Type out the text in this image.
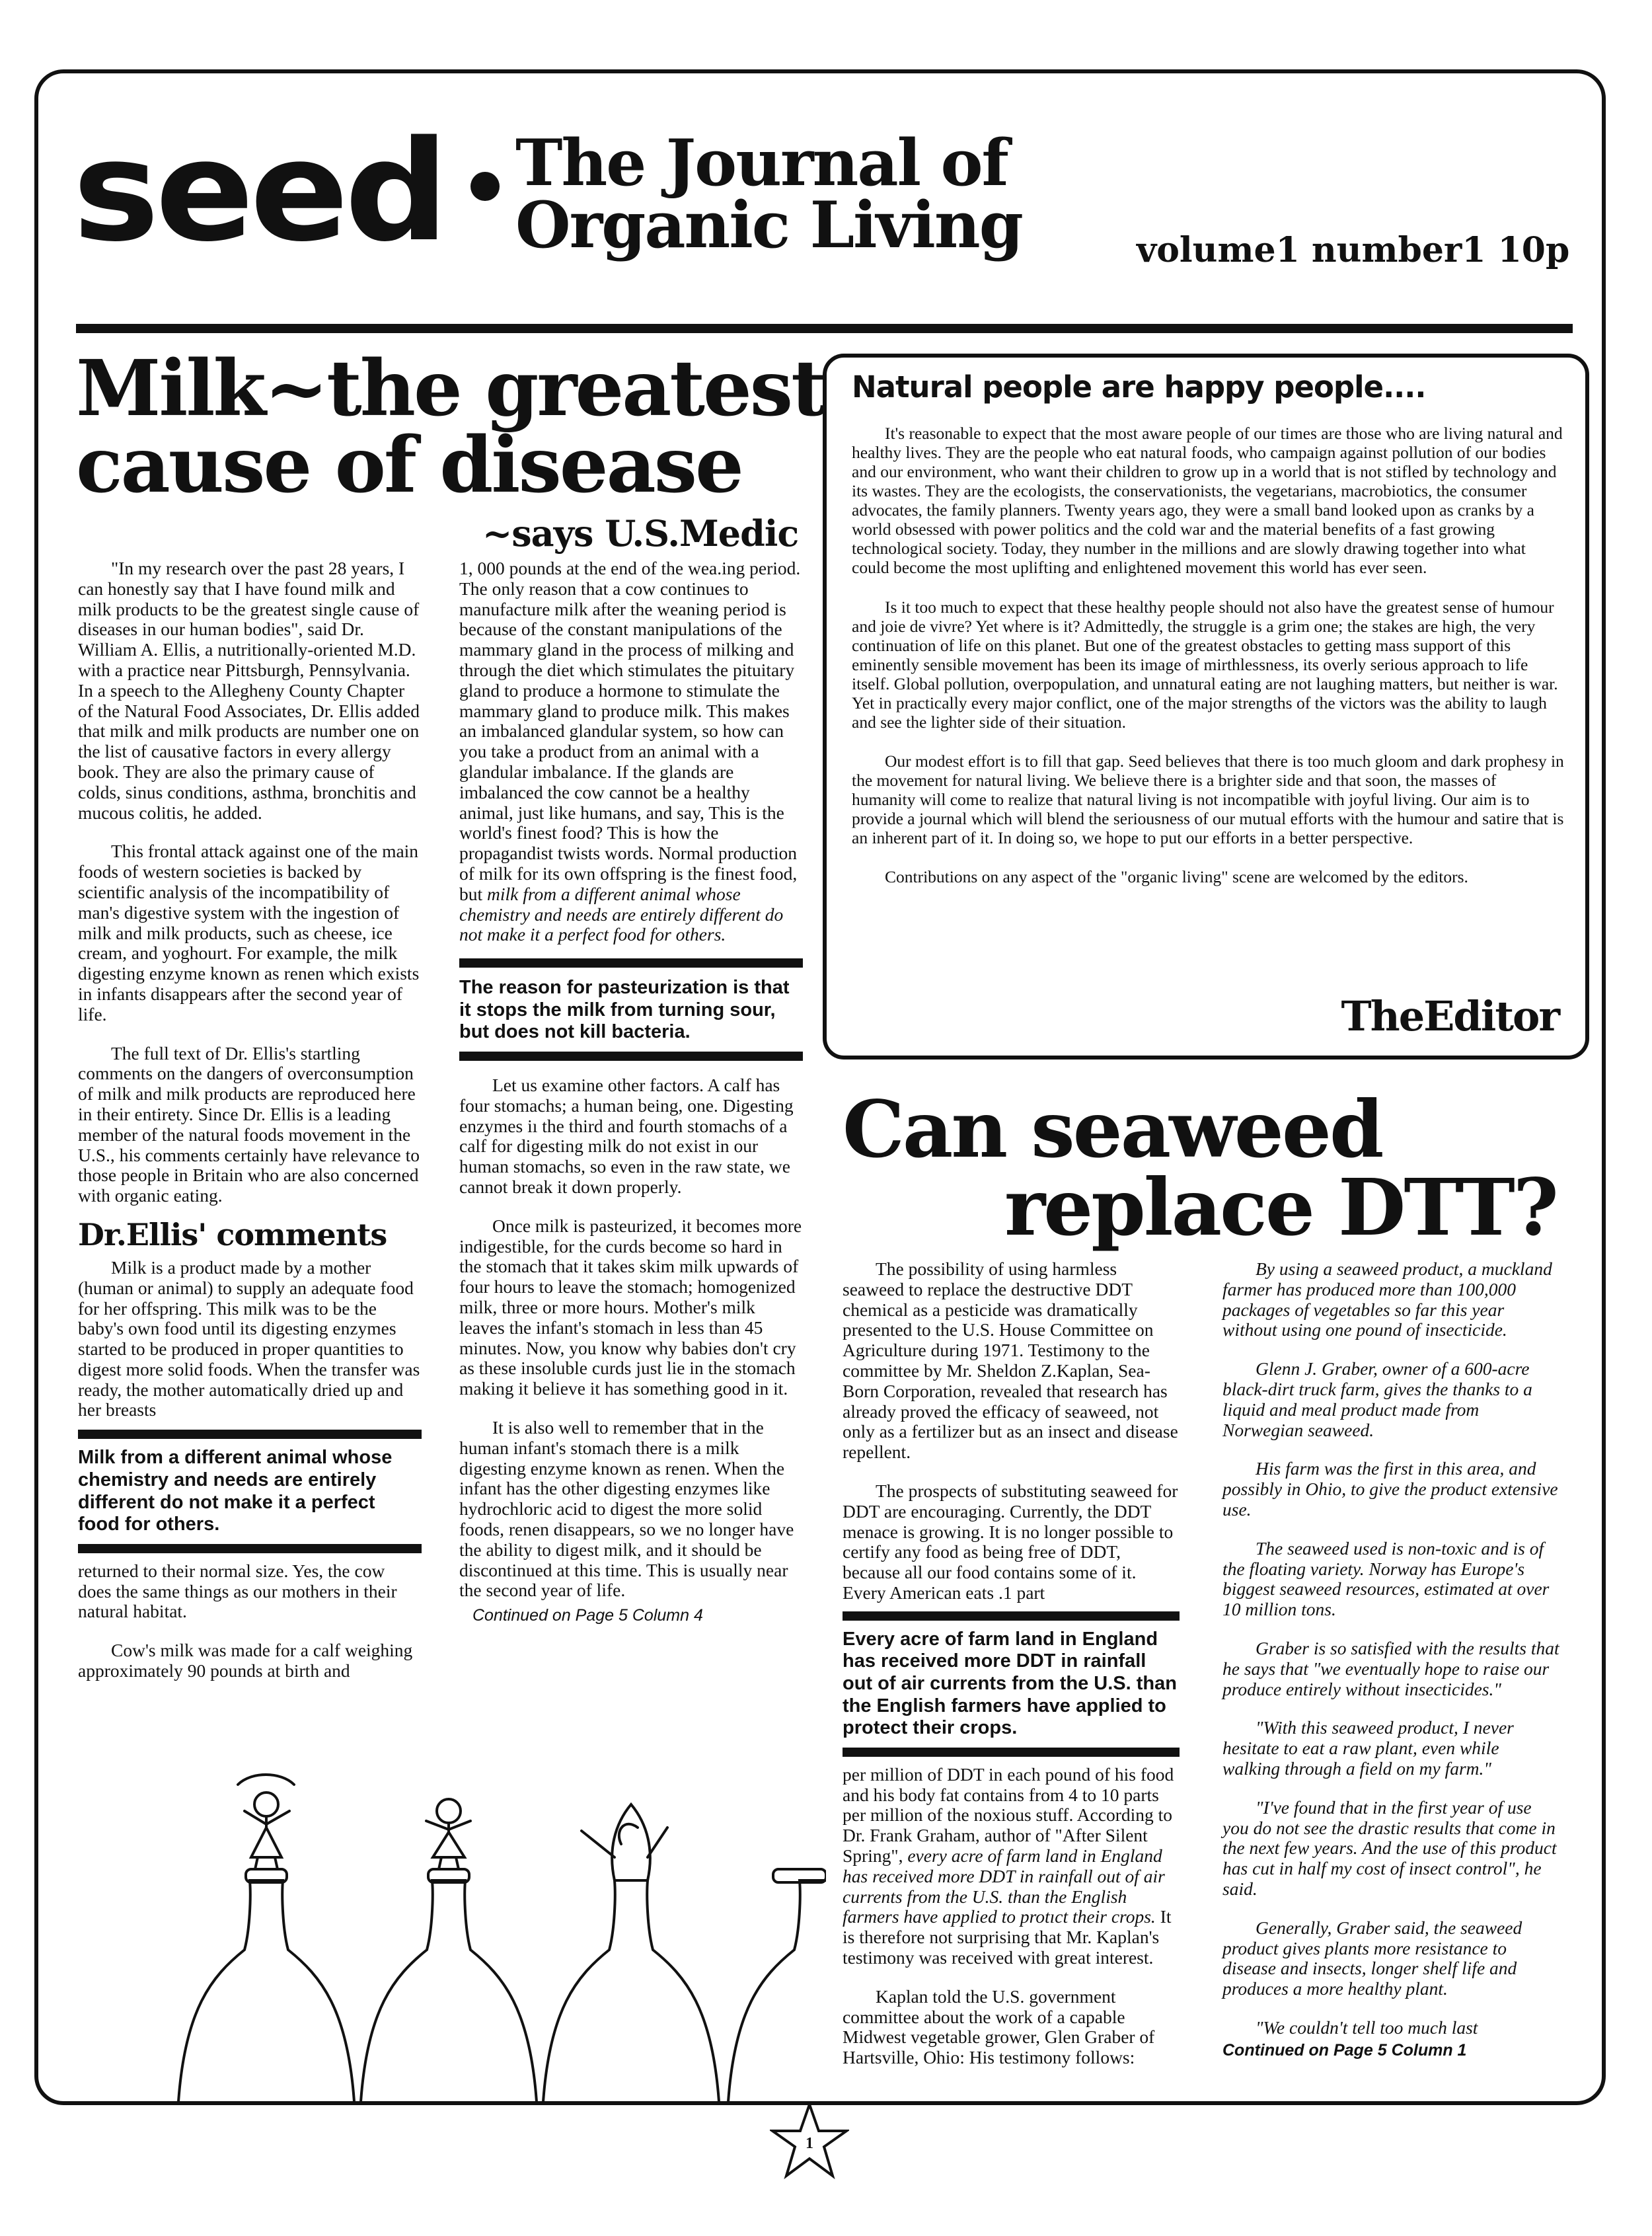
seed The Journal of
Organic Living	volume1 number1 10p
Milk~the greatest
cause of disease
~says U.S.Medic

"In my research over the past 28 years, I can honestly say that I have found milk and milk products to be the greatest single cause of diseases in our human bodies", said Dr. William A. Ellis, a nutritionally-oriented M.D. with a practice near Pittsburgh, Pennsylvania. In a speech to the Allegheny County Chapter of the Natural Food Associates, Dr. Ellis added that milk and milk products are number one on the list of causative factors in every allergy book. They are also the primary cause of colds, sinus conditions, asthma, bronchitis and mucous colitis, he added.

This frontal attack against one of the main foods of western societies is backed by scientific analysis of the incompatibility of man's digestive system with the ingestion of milk and milk products, such as cheese, ice cream, and yoghourt. For example, the milk digesting enzyme known as renen which exists in infants disappears after the second year of life.

The full text of Dr. Ellis's startling comments on the dangers of overconsumption of milk and milk products are reproduced here in their entirety. Since Dr. Ellis is a leading member of the natural foods movement in the U.S., his comments certainly have relevance to those people in Britain who are also concerned with organic eating.

Dr.Ellis' comments

Milk is a product made by a mother (human or animal) to supply an adequate food for her offspring. This milk was to be the baby's own food until its digesting enzymes started to be produced in proper quantities to digest more solid foods. When the transfer was ready, the mother automatically dried up and her breasts

Milk from a different animal whose chemistry and needs are entirely different do not make it a perfect food for others.

returned to their normal size. Yes, the cow does the same things as our mothers in their natural habitat.

Cow's milk was made for a calf weighing approximately 90 pounds at birth and

1, 000 pounds at the end of the wea.ing period. The only reason that a cow continues to manufacture milk after the weaning period is because of the constant manipulations of the mammary gland in the process of milking and through the diet which stimulates the pituitary gland to produce a hormone to stimulate the mammary gland to produce milk. This makes an imbalanced glandular system, so how can you take a product from an animal with a glandular imbalance. If the glands are imbalanced the cow cannot be a healthy animal, just like humans, and say, This is the world's finest food? This is how the propagandist twists words. Normal production of milk for its own offspring is the finest food, but milk from a different animal whose chemistry and needs are entirely different do not make it a perfect food for others.

The reason for pasteurization is that it stops the milk from turning sour, but does not kill bacteria.

Let us examine other factors. A calf has four stomachs; a human being, one. Digesting enzymes iı the third and fourth stomachs of a calf for digesting milk do not exist in our human stomachs, so even in the raw state, we cannot break it down properly.

Once milk is pasteurized, it becomes more indigestible, for the curds become so hard in the stomach that it takes skim milk upwards of four hours to leave the stomach; homogenized milk, three or more hours. Mother's milk leaves the infant's stomach in less than 45 minutes. Now, you know why babies don't cry as these insoluble curds just lie in the stomach making it believe it has something good in it.

It is also well to remember that in the human infant's stomach there is a milk digesting enzyme known as renen. When the infant has the other digesting enzymes like hydrochloric acid to digest the more solid foods, renen disappears, so we no longer have the ability to digest milk, and it should be discontinued at this time. This is usually near the second year of life.

Continued on Page 5 Column 4
Natural people are happy people....

It's reasonable to expect that the most aware people of our times are those who are living natural and healthy lives. They are the people who eat natural foods, who campaign against pollution of our bodies and our environment, who want their children to grow up in a world that is not stifled by technology and its wastes. They are the ecologists, the conservationists, the vegetarians, macrobiotics, the consumer advocates, the family planners. Twenty years ago, they were a small band looked upon as cranks by a world obsessed with power politics and the cold war and the material benefits of a fast growing technological society. Today, they number in the millions and are slowly drawing together into what could become the most uplifting and enlightened movement this world has ever seen.

Is it too much to expect that these healthy people should not also have the greatest sense of humour and joie de vivre? Yet where is it? Admittedly, the struggle is a grim one; the stakes are high, the very continuation of life on this planet. But one of the greatest obstacles to getting mass support of this eminently sensible movement has been its image of mirthlessness, its overly serious approach to life itself. Global pollution, overpopulation, and unnatural eating are not laughing matters, but neither is war. Yet in practically every major conflict, one of the major strengths of the victors was the ability to laugh and see the lighter side of their situation.

Our modest effort is to fill that gap. Seed believes that there is too much gloom and dark prophesy in the movement for natural living. We believe there is a brighter side and that soon, the masses of humanity will come to realize that natural living is not incompatible with joyful living. Our aim is to provide a journal which will blend the seriousness of our mutual efforts with the humour and satire that is an inherent part of it. In doing so, we hope to put our efforts in a better perspective.

Contributions on any aspect of the "organic living" scene are welcomed by the editors.

TheEditor
Can seaweed
replace DTT?

The possibility of using harmless seaweed to replace the destructive DDT chemical as a pesticide was dramatically presented to the U.S. House Committee on Agriculture during 1971. Testimony to the committee by Mr. Sheldon Z.Kaplan, Sea-Born Corporation, revealed that research has already proved the efficacy of seaweed, not only as a fertilizer but as an insect and disease repellent.

The prospects of substituting seaweed for DDT are encouraging. Currently, the DDT menace is growing. It is no longer possible to certify any food as being free of DDT, because all our food contains some of it. Every American eats .1 part

Every acre of farm land in England has received more DDT in rainfall out of air currents from the U.S. than the English farmers have applied to protect their crops.

per million of DDT in each pound of his food and his body fat contains from 4 to 10 parts per million of the noxious stuff. According to Dr. Frank Graham, author of "After Silent Spring", every acre of farm land in England has received more DDT in rainfall out of air currents from the U.S. than the English farmers have applied to protıct their crops. It is therefore not surprising that Mr. Kaplan's testimony was received with great interest.

Kaplan told the U.S. government committee about the work of a capable Midwest vegetable grower, Glen Graber of Hartsville, Ohio: His testimony follows:

By using a seaweed product, a muckland farmer has produced more than 100,000 packages of vegetables so far this year without using one pound of insecticide.

Glenn J. Graber, owner of a 600-acre black-dirt truck farm, gives the thanks to a liquid and meal product made from Norwegian seaweed.

His farm was the first in this area, and possibly in Ohio, to give the product extensive use.

The seaweed used is non-toxic and is of the floating variety. Norway has Europe's biggest seaweed resources, estimated at over 10 million tons.

Graber is so satisfied with the results that he says that "we eventually hope to raise our produce entirely without insecticides."

"With this seaweed product, I never hesitate to eat a raw plant, even while walking through a field on my farm."

"I've found that in the first year of use you do not see the drastic results that come in the next few years. And the use of this product has cut in half my cost of insect control", he said.

Generally, Graber said, the seaweed product gives plants more resistance to disease and insects, longer shelf life and produces a more healthy plant.

"We couldn't tell too much last

Continued on Page 5 Column 1
1
